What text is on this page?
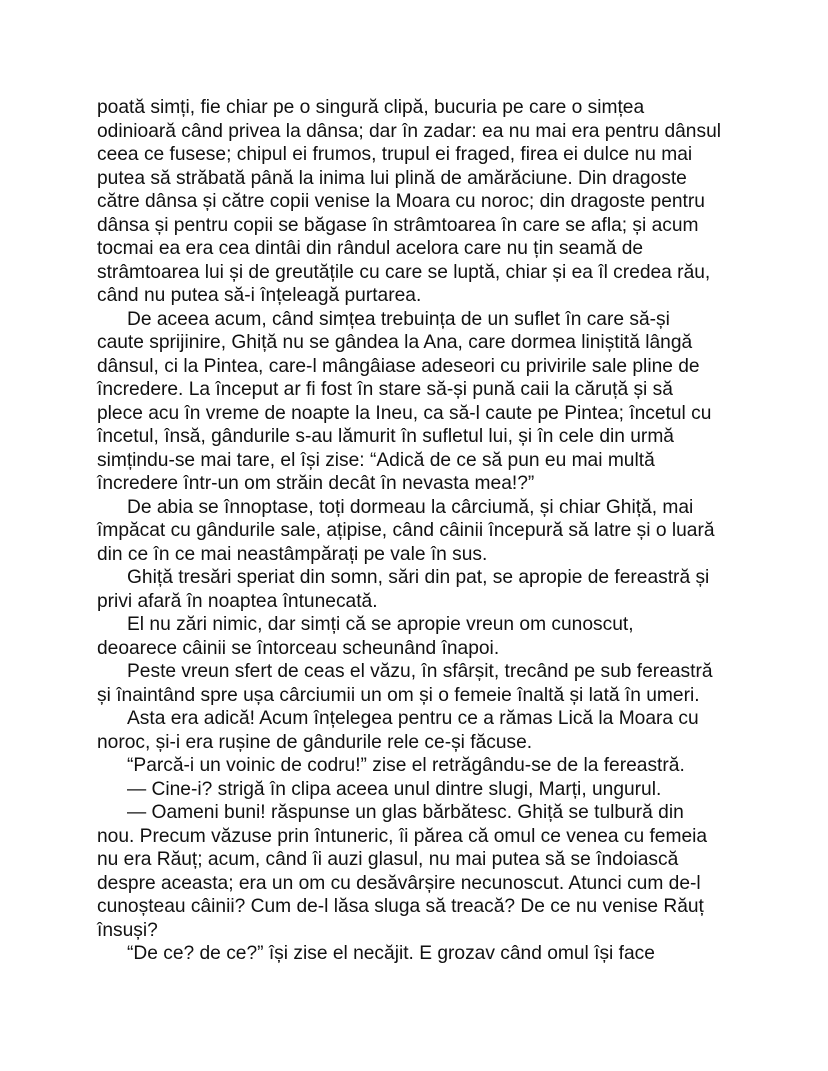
poată simți, fie chiar pe o singură clipă, bucuria pe care o simțea
odinioară când privea la dânsa; dar în zadar: ea nu mai era pentru dânsul
ceea ce fusese; chipul ei frumos, trupul ei fraged, firea ei dulce nu mai
putea să străbată până la inima lui plină de amărăciune. Din dragoste
către dânsa și către copii venise la Moara cu noroc; din dragoste pentru
dânsa și pentru copii se băgase în strâmtoarea în care se afla; și acum
tocmai ea era cea dintâi din rândul acelora care nu țin seamă de
strâmtoarea lui și de greutățile cu care se luptă, chiar și ea îl credea rău,
când nu putea să-i înțeleagă purtarea.
De aceea acum, când simțea trebuința de un suflet în care să-și
caute sprijinire, Ghiță nu se gândea la Ana, care dormea liniștită lângă
dânsul, ci la Pintea, care-l mângâiase adeseori cu privirile sale pline de
încredere. La început ar fi fost în stare să-și pună caii la căruță și să
plece acu în vreme de noapte la Ineu, ca să-l caute pe Pintea; încetul cu
încetul, însă, gândurile s-au lămurit în sufletul lui, și în cele din urmă
simțindu-se mai tare, el își zise: “Adică de ce să pun eu mai multă
încredere într-un om străin decât în nevasta mea!?”
De abia se înnoptase, toți dormeau la cârciumă, și chiar Ghiță, mai
împăcat cu gândurile sale, ațipise, când câinii începură să latre și o luară
din ce în ce mai neastâmpărați pe vale în sus.
Ghiță tresări speriat din somn, sări din pat, se apropie de fereastră și
privi afară în noaptea întunecată.
El nu zări nimic, dar simți că se apropie vreun om cunoscut,
deoarece câinii se întorceau scheunând înapoi.
Peste vreun sfert de ceas el văzu, în sfârșit, trecând pe sub fereastră
și înaintând spre ușa cârciumii un om și o femeie înaltă și lată în umeri.
Asta era adică! Acum înțelegea pentru ce a rămas Lică la Moara cu
noroc, și-i era rușine de gândurile rele ce-și făcuse.
“Parcă-i un voinic de codru!” zise el retrăgându-se de la fereastră.
— Cine-i? strigă în clipa aceea unul dintre slugi, Marți, ungurul.
— Oameni buni! răspunse un glas bărbătesc. Ghiță se tulbură din
nou. Precum văzuse prin întuneric, îi părea că omul ce venea cu femeia
nu era Răuț; acum, când îi auzi glasul, nu mai putea să se îndoiască
despre aceasta; era un om cu desăvârșire necunoscut. Atunci cum de-l
cunoșteau câinii? Cum de-l lăsa sluga să treacă? De ce nu venise Răuț
însuși?
“De ce? de ce?” își zise el necăjit. E grozav când omul își face
